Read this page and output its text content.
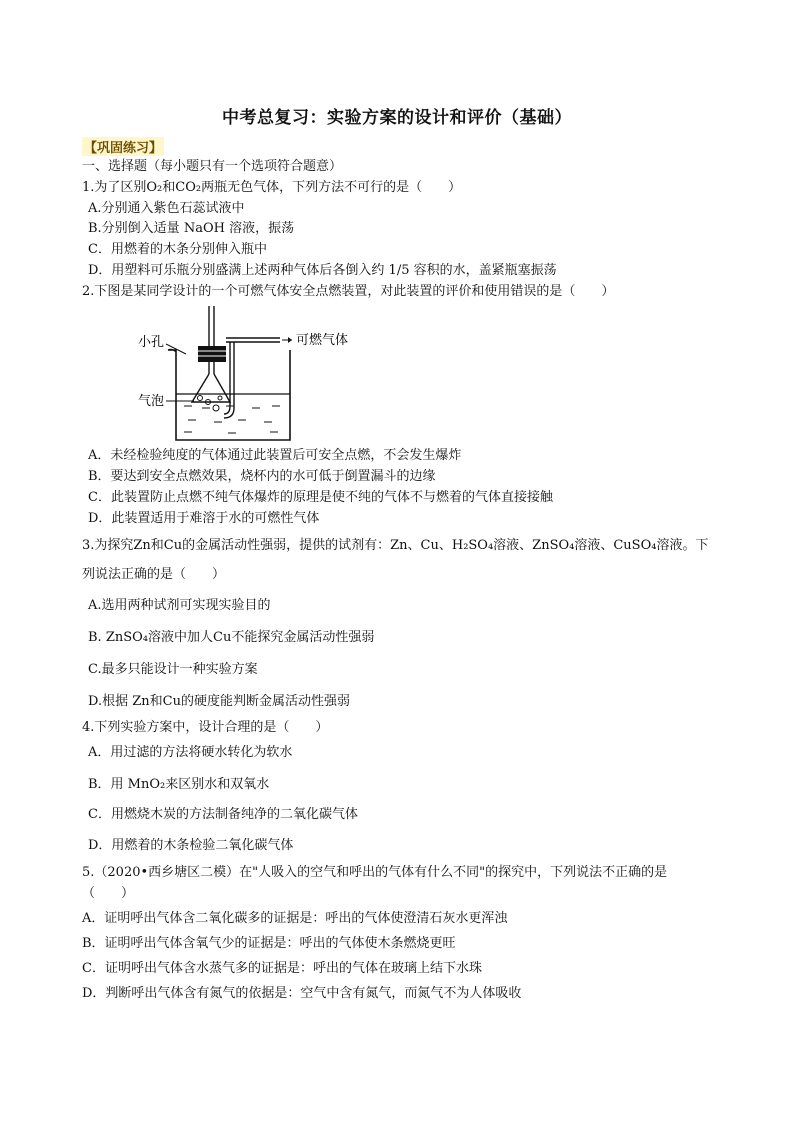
中考总复习：实验方案的设计和评价（基础）
【巩固练习】
一、选择题（每小题只有一个选项符合题意）
1.为了区别O₂和CO₂两瓶无色气体，下列方法不可行的是（　　）
A.分别通入紫色石蕊试液中
B.分别倒入适量 NaOH 溶液，振荡
C．用燃着的木条分别伸入瓶中
D．用塑料可乐瓶分别盛满上述两种气体后各倒入约 1/5 容积的水，盖紧瓶塞振荡
2.下图是某同学设计的一个可燃气体安全点燃装置，对此装置的评价和使用错误的是（　　）
小孔	可燃气体
气泡
A．未经检验纯度的气体通过此装置后可安全点燃，不会发生爆炸
B．要达到安全点燃效果，烧杯内的水可低于倒置漏斗的边缘
C．此装置防止点燃不纯气体爆炸的原理是使不纯的气体不与燃着的气体直接接触
D．此装置适用于难溶于水的可燃性气体
3.为探究Zn和Cu的金属活动性强弱，提供的试剂有：Zn、Cu、H₂SO₄溶液、ZnSO₄溶液、CuSO₄溶液。下
列说法正确的是（　　）
A.选用两种试剂可实现实验目的
B. ZnSO₄溶液中加人Cu不能探究金属活动性强弱
C.最多只能设计一种实验方案
D.根据 Zn和Cu的硬度能判断金属活动性强弱
4.下列实验方案中，设计合理的是（　　）
A．用过滤的方法将硬水转化为软水
B．用 MnO₂来区别水和双氧水
C．用燃烧木炭的方法制备纯净的二氧化碳气体
D．用燃着的木条检验二氧化碳气体
5.（2020•西乡塘区二模）在"人吸入的空气和呼出的气体有什么不同"的探究中，下列说法不正确的是
（　　）
A．证明呼出气体含二氧化碳多的证据是：呼出的气体使澄清石灰水更浑浊
B．证明呼出气体含氧气少的证据是：呼出的气体使木条燃烧更旺
C．证明呼出气体含水蒸气多的证据是：呼出的气体在玻璃上结下水珠
D．判断呼出气体含有氮气的依据是：空气中含有氮气，而氮气不为人体吸收
